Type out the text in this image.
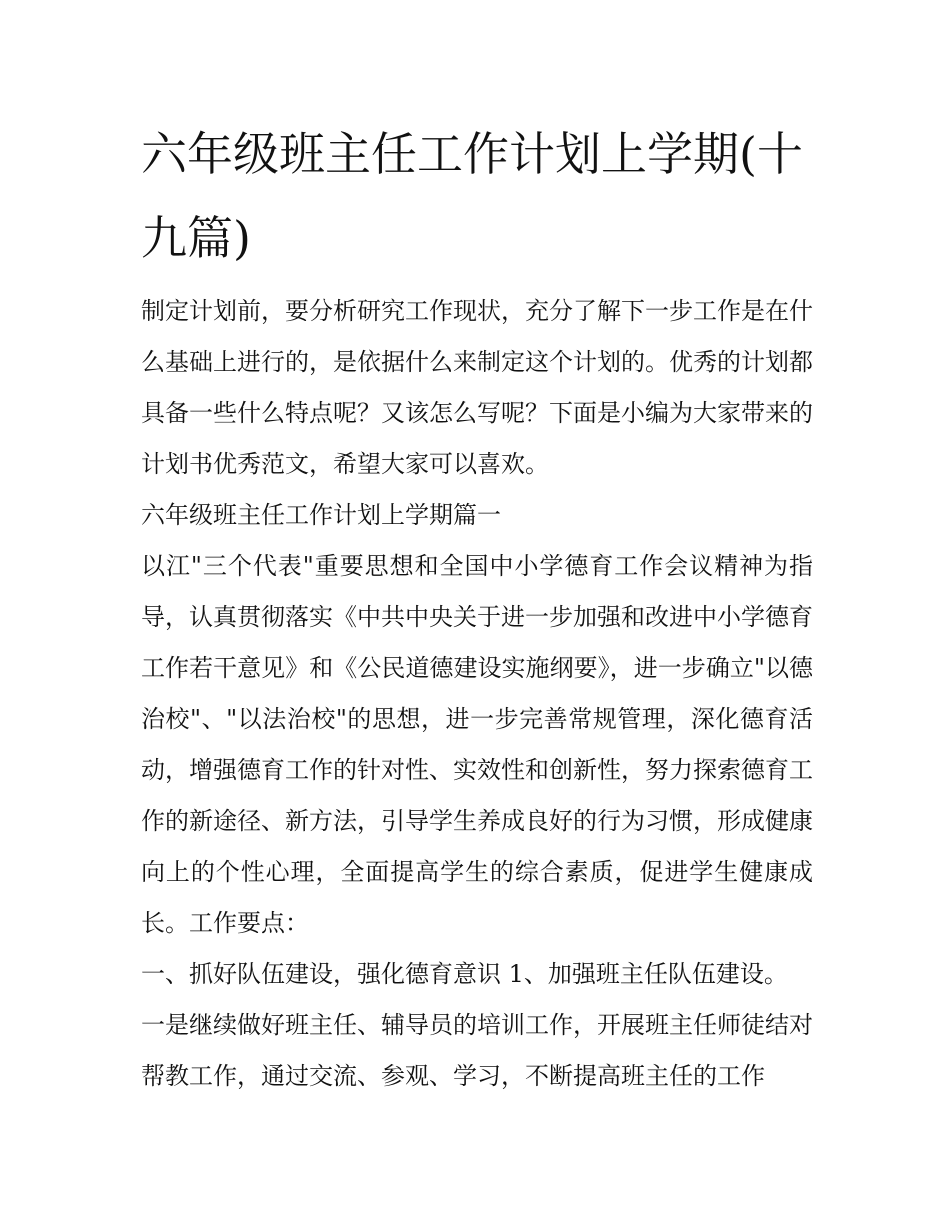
六年级班主任工作计划上学期(十九篇)

制定计划前，要分析研究工作现状，充分了解下一步工作是在什么基础上进行的，是依据什么来制定这个计划的。优秀的计划都具备一些什么特点呢？又该怎么写呢？下面是小编为大家带来的计划书优秀范文，希望大家可以喜欢。

六年级班主任工作计划上学期篇一

以江"三个代表"重要思想和全国中小学德育工作会议精神为指导，认真贯彻落实《中共中央关于进一步加强和改进中小学德育工作若干意见》和《公民道德建设实施纲要》，进一步确立"以德治校"、"以法治校"的思想，进一步完善常规管理，深化德育活动，增强德育工作的针对性、实效性和创新性，努力探索德育工作的新途径、新方法，引导学生养成良好的行为习惯，形成健康向上的个性心理，全面提高学生的综合素质，促进学生健康成长。工作要点：

一、抓好队伍建设，强化德育意识 1、加强班主任队伍建设。

一是继续做好班主任、辅导员的培训工作，开展班主任师徒结对帮教工作，通过交流、参观、学习，不断提高班主任的工作
